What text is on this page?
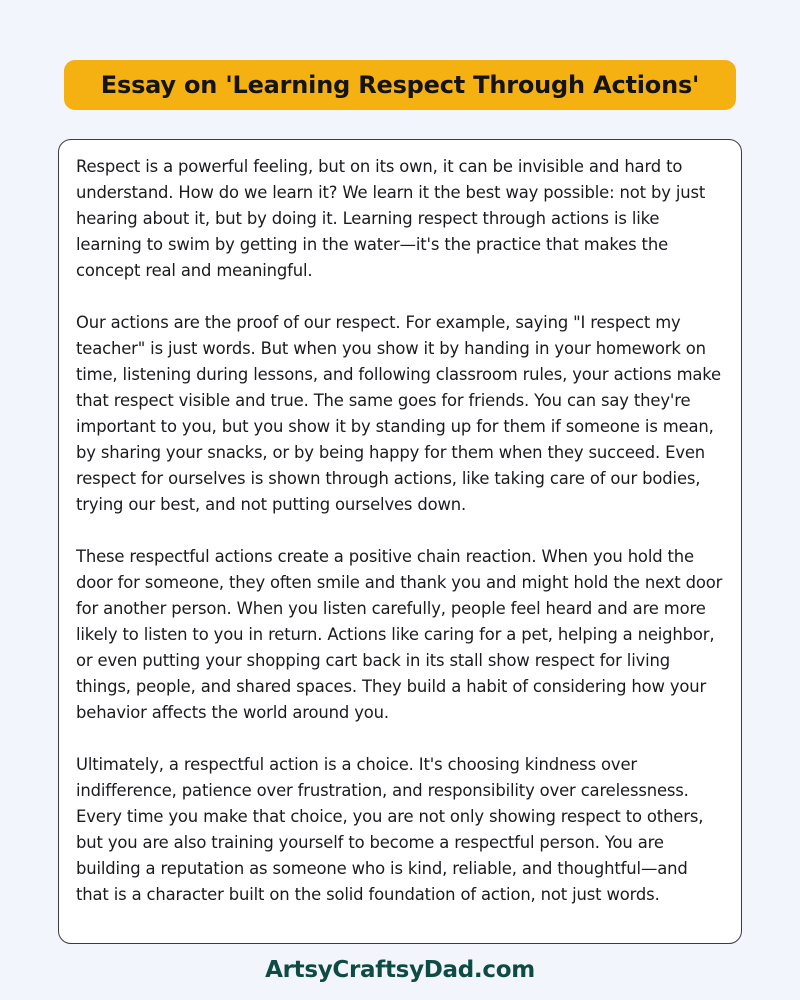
Essay on 'Learning Respect Through Actions'

Respect is a powerful feeling, but on its own, it can be invisible and hard to understand. How do we learn it? We learn it the best way possible: not by just hearing about it, but by doing it. Learning respect through actions is like learning to swim by getting in the water—it's the practice that makes the concept real and meaningful.

Our actions are the proof of our respect. For example, saying "I respect my teacher" is just words. But when you show it by handing in your homework on time, listening during lessons, and following classroom rules, your actions make that respect visible and true. The same goes for friends. You can say they're important to you, but you show it by standing up for them if someone is mean, by sharing your snacks, or by being happy for them when they succeed. Even respect for ourselves is shown through actions, like taking care of our bodies, trying our best, and not putting ourselves down.

These respectful actions create a positive chain reaction. When you hold the door for someone, they often smile and thank you and might hold the next door for another person. When you listen carefully, people feel heard and are more likely to listen to you in return. Actions like caring for a pet, helping a neighbor, or even putting your shopping cart back in its stall show respect for living things, people, and shared spaces. They build a habit of considering how your behavior affects the world around you.

Ultimately, a respectful action is a choice. It's choosing kindness over indifference, patience over frustration, and responsibility over carelessness. Every time you make that choice, you are not only showing respect to others, but you are also training yourself to become a respectful person. You are building a reputation as someone who is kind, reliable, and thoughtful—and that is a character built on the solid foundation of action, not just words.

ArtsyCraftsyDad.com
